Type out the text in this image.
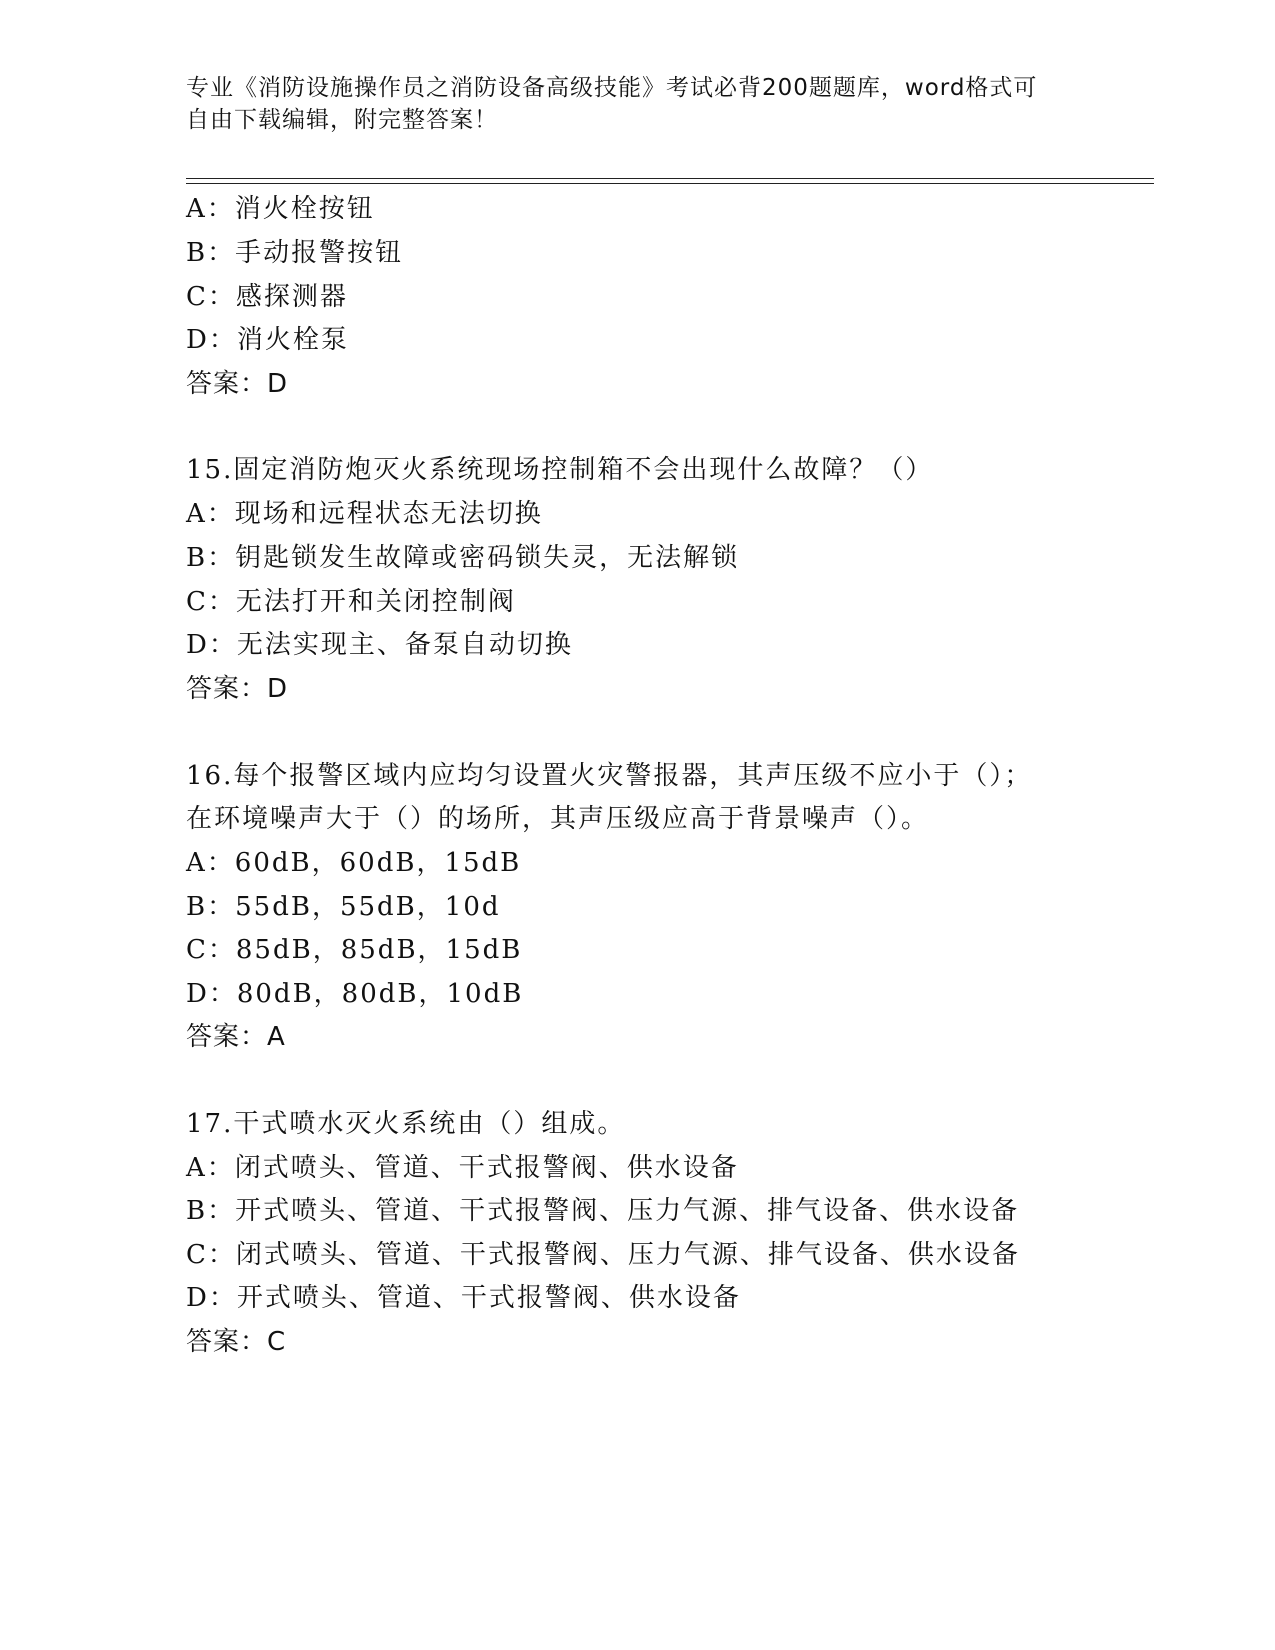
专业《消防设施操作员之消防设备高级技能》考试必背200题题库，word格式可
自由下载编辑，附完整答案！
A：消火栓按钮
B：手动报警按钮
C：感探测器
D：消火栓泵
答案：D
15.固定消防炮灭火系统现场控制箱不会出现什么故障？（）
A：现场和远程状态无法切换
B：钥匙锁发生故障或密码锁失灵，无法解锁
C：无法打开和关闭控制阀
D：无法实现主、备泵自动切换
答案：D
16.每个报警区域内应均匀设置火灾警报器，其声压级不应小于（）；
在环境噪声大于（）的场所，其声压级应高于背景噪声（）。
A：60dB，60dB，15dB
B：55dB，55dB，10d
C：85dB，85dB，15dB
D：80dB，80dB，10dB
答案：A
17.干式喷水灭火系统由（）组成。
A：闭式喷头、管道、干式报警阀、供水设备
B：开式喷头、管道、干式报警阀、压力气源、排气设备、供水设备
C：闭式喷头、管道、干式报警阀、压力气源、排气设备、供水设备
D：开式喷头、管道、干式报警阀、供水设备
答案：C
